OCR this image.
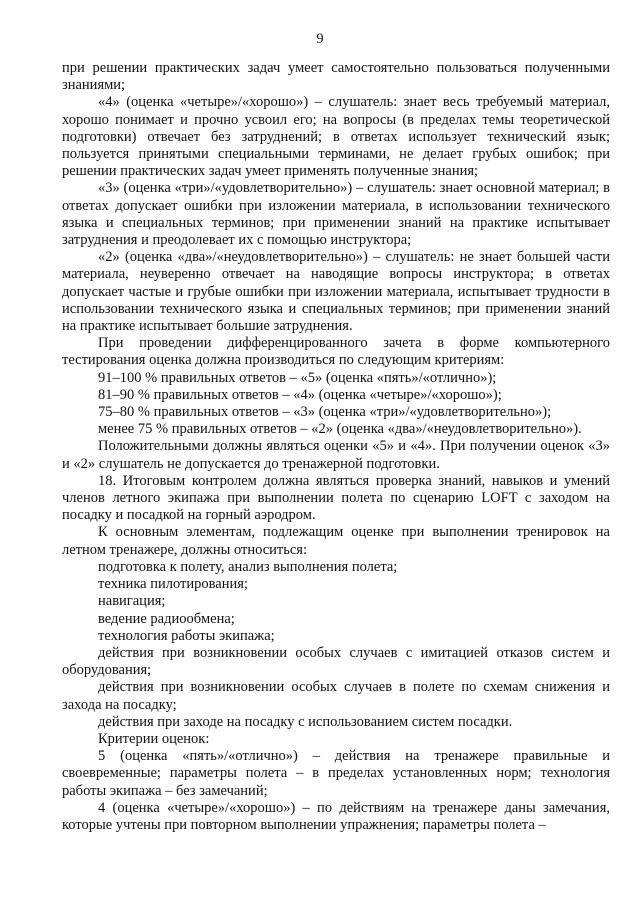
9

при решении практических задач умеет самостоятельно пользоваться полученными знаниями;

«4» (оценка «четыре»/«хорошо») – слушатель: знает весь требуемый материал, хорошо понимает и прочно усвоил его; на вопросы (в пределах темы теоретической подготовки) отвечает без затруднений; в ответах использует технический язык; пользуется принятыми специальными терминами, не делает грубых ошибок; при решении практических задач умеет применять полученные знания;

«3» (оценка «три»/«удовлетворительно») – слушатель: знает основной материал; в ответах допускает ошибки при изложении материала, в использовании технического языка и специальных терминов; при применении знаний на практике испытывает затруднения и преодолевает их с помощью инструктора;

«2» (оценка «два»/«неудовлетворительно») – слушатель: не знает большей части материала, неуверенно отвечает на наводящие вопросы инструктора; в ответах допускает частые и грубые ошибки при изложении материала, испытывает трудности в использовании технического языка и специальных терминов; при применении знаний на практике испытывает большие затруднения.

При проведении дифференцированного зачета в форме компьютерного тестирования оценка должна производиться по следующим критериям:

91–100 % правильных ответов – «5» (оценка «пять»/«отлично»);

81–90 % правильных ответов – «4» (оценка «четыре»/«хорошо»);

75–80 % правильных ответов – «3» (оценка «три»/«удовлетворительно»);

менее 75 % правильных ответов – «2» (оценка «два»/«неудовлетворительно»).

Положительными должны являться оценки «5» и «4». При получении оценок «3» и «2» слушатель не допускается до тренажерной подготовки.

18. Итоговым контролем должна являться проверка знаний, навыков и умений членов летного экипажа при выполнении полета по сценарию LOFT с заходом на посадку и посадкой на горный аэродром.

К основным элементам, подлежащим оценке при выполнении тренировок на летном тренажере, должны относиться:

подготовка к полету, анализ выполнения полета;

техника пилотирования;

навигация;

ведение радиообмена;

технология работы экипажа;

действия при возникновении особых случаев с имитацией отказов систем и оборудования;

действия при возникновении особых случаев в полете по схемам снижения и захода на посадку;

действия при заходе на посадку с использованием систем посадки.

Критерии оценок:

5 (оценка «пять»/«отлично») – действия на тренажере правильные и своевременные; параметры полета – в пределах установленных норм; технология работы экипажа – без замечаний;

4 (оценка «четыре»/«хорошо») – по действиям на тренажере даны замечания, которые учтены при повторном выполнении упражнения; параметры полета –
